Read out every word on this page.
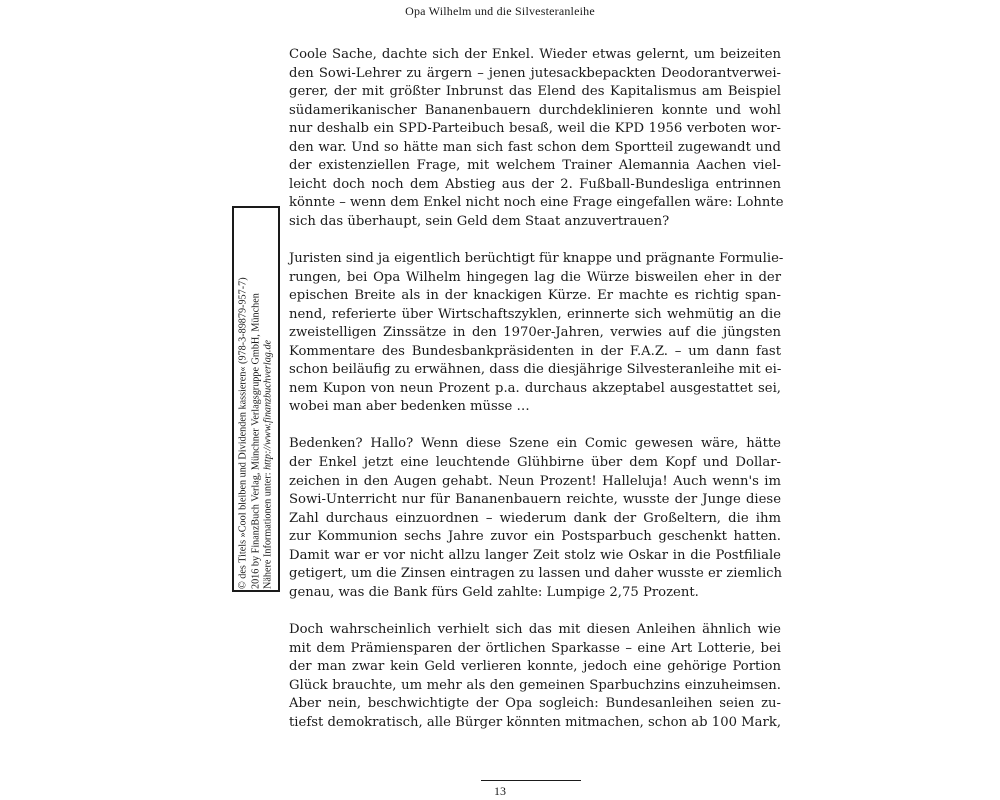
Opa Wilhelm und die Silvesteranleihe
© des Titels »Cool bleiben und Dividenden kassieren« (978-3-89879-957-7) 2016 by FinanzBuch Verlag, Münchner Verlagsgruppe GmbH, München Nähere Informationen unter: http://www.finanzbuchverlag.de

Coole Sache, dachte sich der Enkel. Wieder etwas gelernt, um beizeiten
den Sowi-Lehrer zu ärgern – jenen jutesackbepackten Deodorantverwei-
gerer, der mit größter Inbrunst das Elend des Kapitalismus am Beispiel
südamerikanischer Bananenbauern durchdeklinieren konnte und wohl
nur deshalb ein SPD-Parteibuch besaß, weil die KPD 1956 verboten wor-
den war. Und so hätte man sich fast schon dem Sportteil zugewandt und
der existenziellen Frage, mit welchem Trainer Alemannia Aachen viel-
leicht doch noch dem Abstieg aus der 2. Fußball-Bundesliga entrinnen
könnte – wenn dem Enkel nicht noch eine Frage eingefallen wäre: Lohnte
sich das überhaupt, sein Geld dem Staat anzuvertrauen?

Juristen sind ja eigentlich berüchtigt für knappe und prägnante Formulie-
rungen, bei Opa Wilhelm hingegen lag die Würze bisweilen eher in der
epischen Breite als in der knackigen Kürze. Er machte es richtig span-
nend, referierte über Wirtschaftszyklen, erinnerte sich wehmütig an die
zweistelligen Zinssätze in den 1970er-Jahren, verwies auf die jüngsten
Kommentare des Bundesbankpräsidenten in der F.A.Z. – um dann fast
schon beiläufig zu erwähnen, dass die diesjährige Silvesteranleihe mit ei-
nem Kupon von neun Prozent p.a. durchaus akzeptabel ausgestattet sei,
wobei man aber bedenken müsse …

Bedenken? Hallo? Wenn diese Szene ein Comic gewesen wäre, hätte
der Enkel jetzt eine leuchtende Glühbirne über dem Kopf und Dollar-
zeichen in den Augen gehabt. Neun Prozent! Halleluja! Auch wenn's im
Sowi-Unterricht nur für Bananenbauern reichte, wusste der Junge diese
Zahl durchaus einzuordnen – wiederum dank der Großeltern, die ihm
zur Kommunion sechs Jahre zuvor ein Postsparbuch geschenkt hatten.
Damit war er vor nicht allzu langer Zeit stolz wie Oskar in die Postfiliale
getigert, um die Zinsen eintragen zu lassen und daher wusste er ziemlich
genau, was die Bank fürs Geld zahlte: Lumpige 2,75 Prozent.

Doch wahrscheinlich verhielt sich das mit diesen Anleihen ähnlich wie
mit dem Prämiensparen der örtlichen Sparkasse – eine Art Lotterie, bei
der man zwar kein Geld verlieren konnte, jedoch eine gehörige Portion
Glück brauchte, um mehr als den gemeinen Sparbuchzins einzuheimsen.
Aber nein, beschwichtigte der Opa sogleich: Bundesanleihen seien zu-
tiefst demokratisch, alle Bürger könnten mitmachen, schon ab 100 Mark,

13
